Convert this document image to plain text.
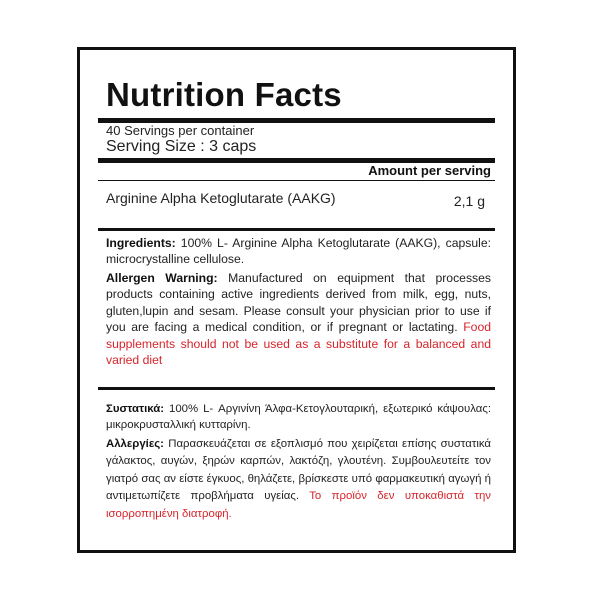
Nutrition Facts
40 Servings per container
Serving Size : 3 caps
Amount per serving
Arginine Alpha Ketoglutarate (AAKG)	2,1 g
Ingredients: 100% L- Arginine Alpha Ketoglutarate (AAKG), capsule: microcrystalline cellulose.
Allergen Warning: Manufactured on equipment that processes products containing active ingredients derived from milk, egg, nuts, gluten,lupin and sesam. Please consult your physician prior to use if you are facing a medical condition, or if pregnant or lactating. Food supplements should not be used as a substitute for a balanced and varied diet
Συστατικά: 100% L- Αργινίνη Άλφα-Κετογλουταρική, εξωτερικό κάψουλας: μικροκρυσταλλική κυτταρίνη.
Αλλεργίες: Παρασκευάζεται σε εξοπλισμό που χειρίζεται επίσης συστατικά γάλακτος, αυγών, ξηρών καρπών, λακτόζη, γλουτένη. Συμβουλευτείτε τον γιατρό σας αν είστε έγκυος, θηλάζετε, βρίσκεστε υπό φαρμακευτική αγωγή ή αντιμετωπίζετε προβλήματα υγείας. Το προϊόν δεν υποκαθιστά την ισορροπημένη διατροφή.
